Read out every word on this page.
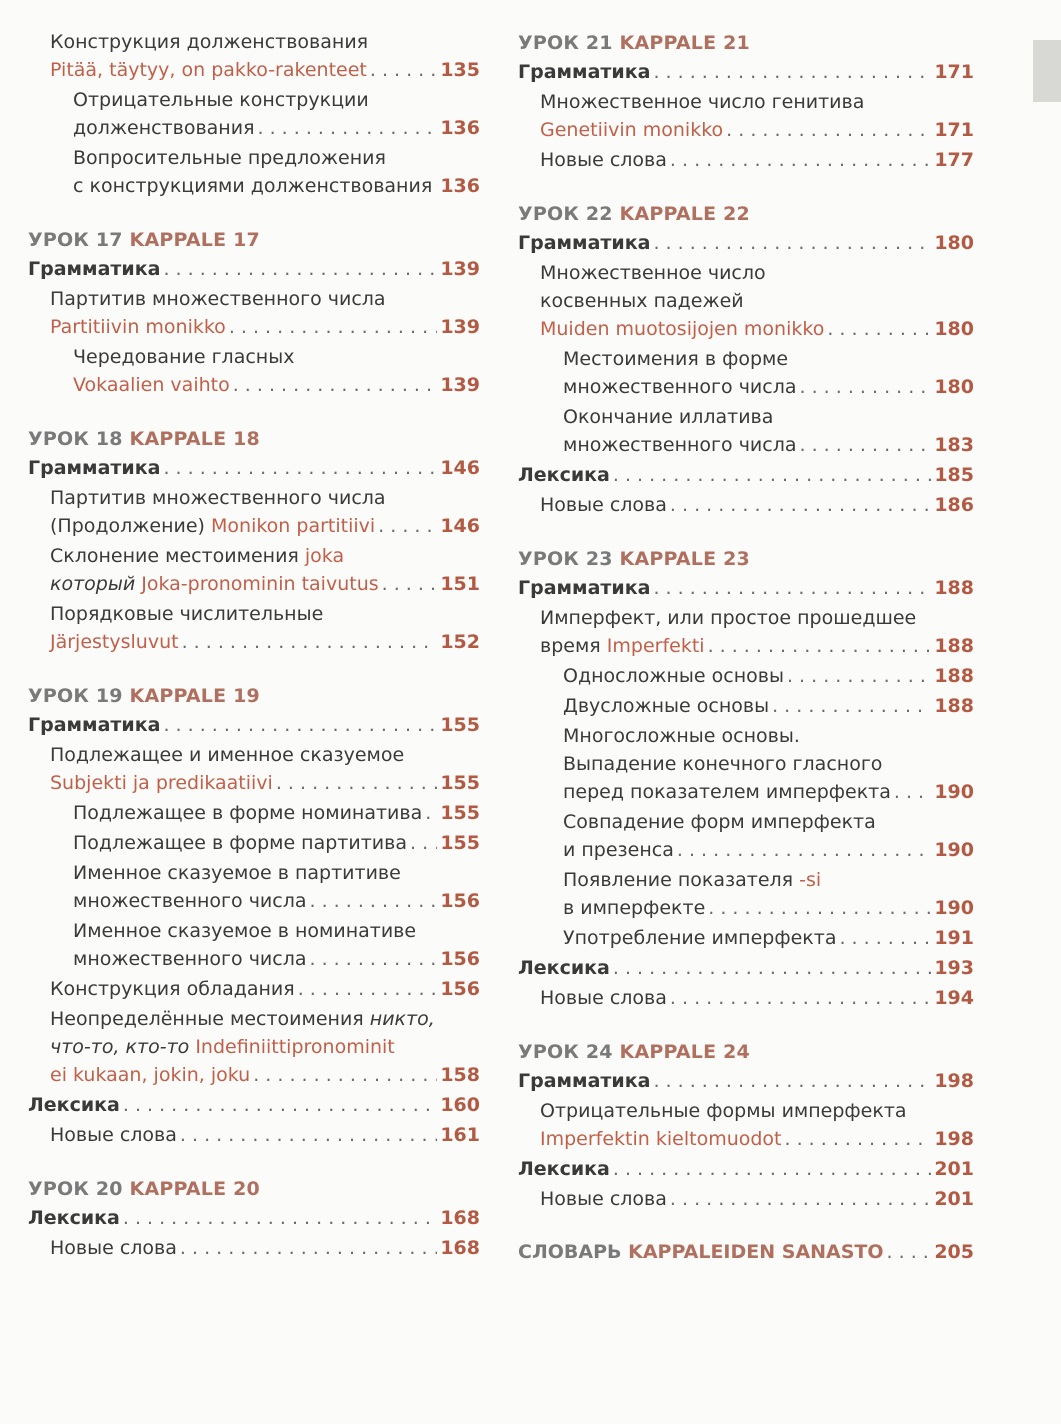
Конструкция долженствования
Pitää, täytyy, on pakko-rakenteet . . .	135
Отрицательные конструкции
долженствования . . .	136
Вопросительные предложения
с конструкциями долженствования . . . 136
УРОК 17 KAPPALE 17
Грамматика . . .	139
Партитив множественного числа
Partitiivin monikko . . .	139
Чередование гласных
Vokaalien vaihto . . .	139
УРОК 18 KAPPALE 18
Грамматика . . .	146
Партитив множественного числа
(Продолжение) Monikon partitiivi . . .	146
Склонение местоимения joka
который Joka-pronominin taivutus . . .	151
Порядковые числительные
Järjestysluvut . . .	152
УРОК 19 KAPPALE 19
Грамматика . . .	155
Подлежащее и именное сказуемое
Subjekti ja predikaatiivi . . .	155
Подлежащее в форме номинатива . . . 155
Подлежащее в форме партитива . . . 155
Именное сказуемое в партитиве
множественного числа . . .	156
Именное сказуемое в номинативе
множественного числа . . .	156
Конструкция обладания . . .	156
Неопределённые местоимения никто,
что-то, кто-то Indefiniittipronominit
ei kukaan, jokin, joku . . .	158
Лексика . . .	160
Новые слова . . .	161
УРОК 20 KAPPALE 20
Лексика . . .	168
Новые слова . . .	168
УРОК 21 KAPPALE 21
Грамматика . . .	171
Множественное число генитива
Genetiivin monikko . . .	171
Новые слова . . .	177
УРОК 22 KAPPALE 22
Грамматика . . .	180
Множественное число
косвенных падежей
Muiden muotosijojen monikko . . .	180
Местоимения в форме
множественного числа . . .	180
Окончание иллатива
множественного числа . . .	183
Лексика . . .	185
Новые слова . . .	186
УРОК 23 KAPPALE 23
Грамматика . . .	188
Имперфект, или простое прошедшее
время Imperfekti . . .	188
Односложные основы . . .	188
Двусложные основы . . .	188
Многосложные основы.
Выпадение конечного гласного
перед показателем имперфекта . . . 190
Совпадение форм имперфекта
и презенса . . .	190
Появление показателя -si
в имперфекте . . .	190
Употребление имперфекта . . .	191
Лексика . . .	193
Новые слова . . .	194
УРОК 24 KAPPALE 24
Грамматика . . .	198
Отрицательные формы имперфекта
Imperfektin kieltomuodot . . .	198
Лексика . . .	201
Новые слова . . .	201
СЛОВАРЬ KAPPALEIDEN SANASTO . . .	205
